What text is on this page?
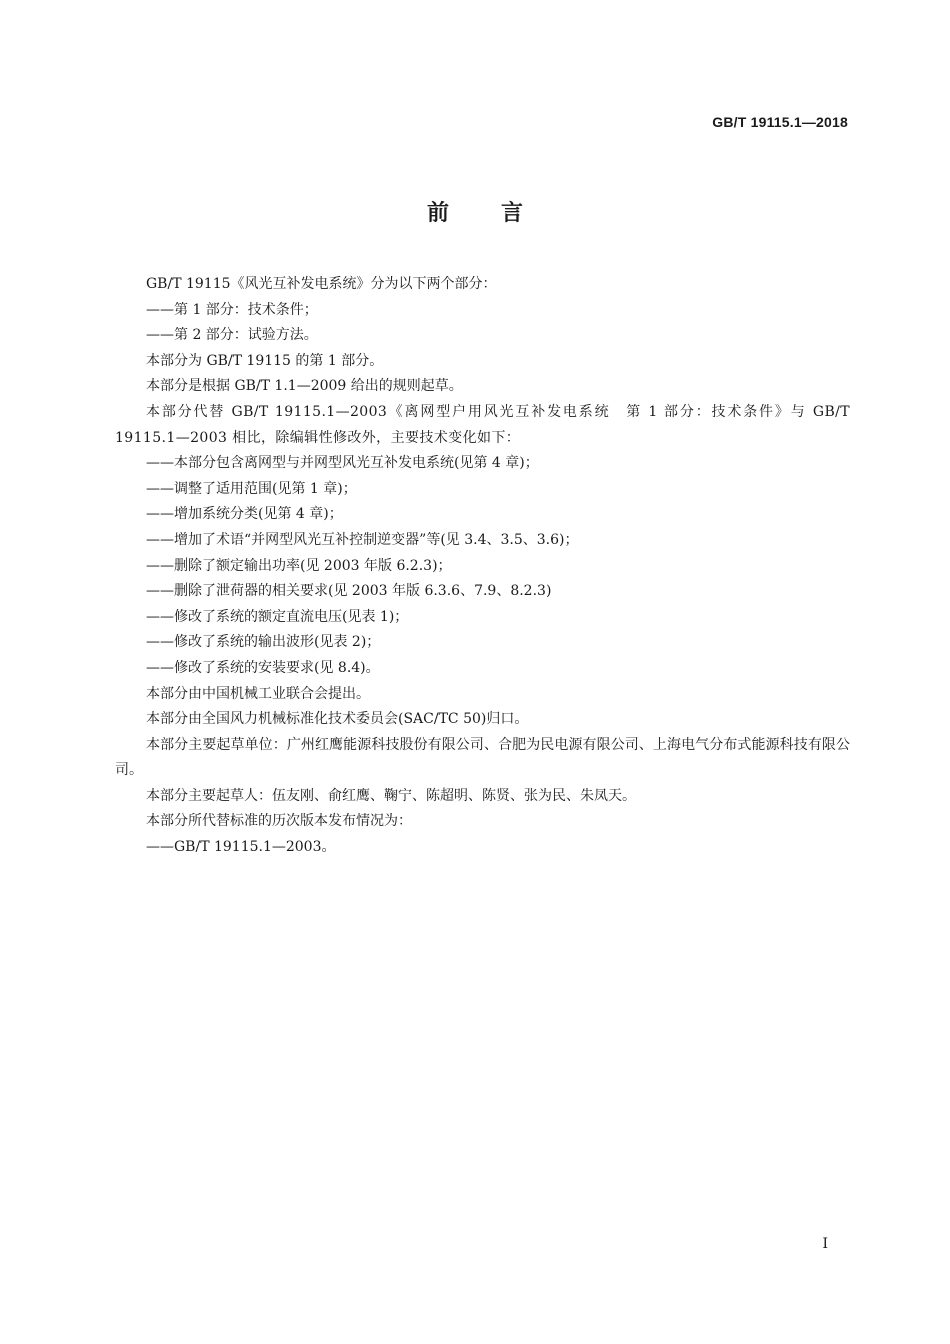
GB/T 19115.1—2018
前言

GB/T 19115《风光互补发电系统》分为以下两个部分：

——第 1 部分：技术条件；

——第 2 部分：试验方法。

本部分为 GB/T 19115 的第 1 部分。

本部分是根据 GB/T 1.1—2009 给出的规则起草。

本部分代替 GB/T 19115.1—2003《离网型户用风光互补发电系统　第 1 部分：技术条件》与 GB/T 19115.1—2003 相比，除编辑性修改外，主要技术变化如下：

——本部分包含离网型与并网型风光互补发电系统(见第 4 章)；

——调整了适用范围(见第 1 章)；

——增加系统分类(见第 4 章)；

——增加了术语“并网型风光互补控制逆变器”等(见 3.4、3.5、3.6)；

——删除了额定输出功率(见 2003 年版 6.2.3)；

——删除了泄荷器的相关要求(见 2003 年版 6.3.6、7.9、8.2.3)

——修改了系统的额定直流电压(见表 1)；

——修改了系统的输出波形(见表 2)；

——修改了系统的安装要求(见 8.4)。

本部分由中国机械工业联合会提出。

本部分由全国风力机械标准化技术委员会(SAC/TC 50)归口。

本部分主要起草单位：广州红鹰能源科技股份有限公司、合肥为民电源有限公司、上海电气分布式能源科技有限公司。

本部分主要起草人：伍友刚、俞红鹰、鞠宁、陈超明、陈贤、张为民、朱凤天。

本部分所代替标准的历次版本发布情况为：

——GB/T 19115.1—2003。

I
